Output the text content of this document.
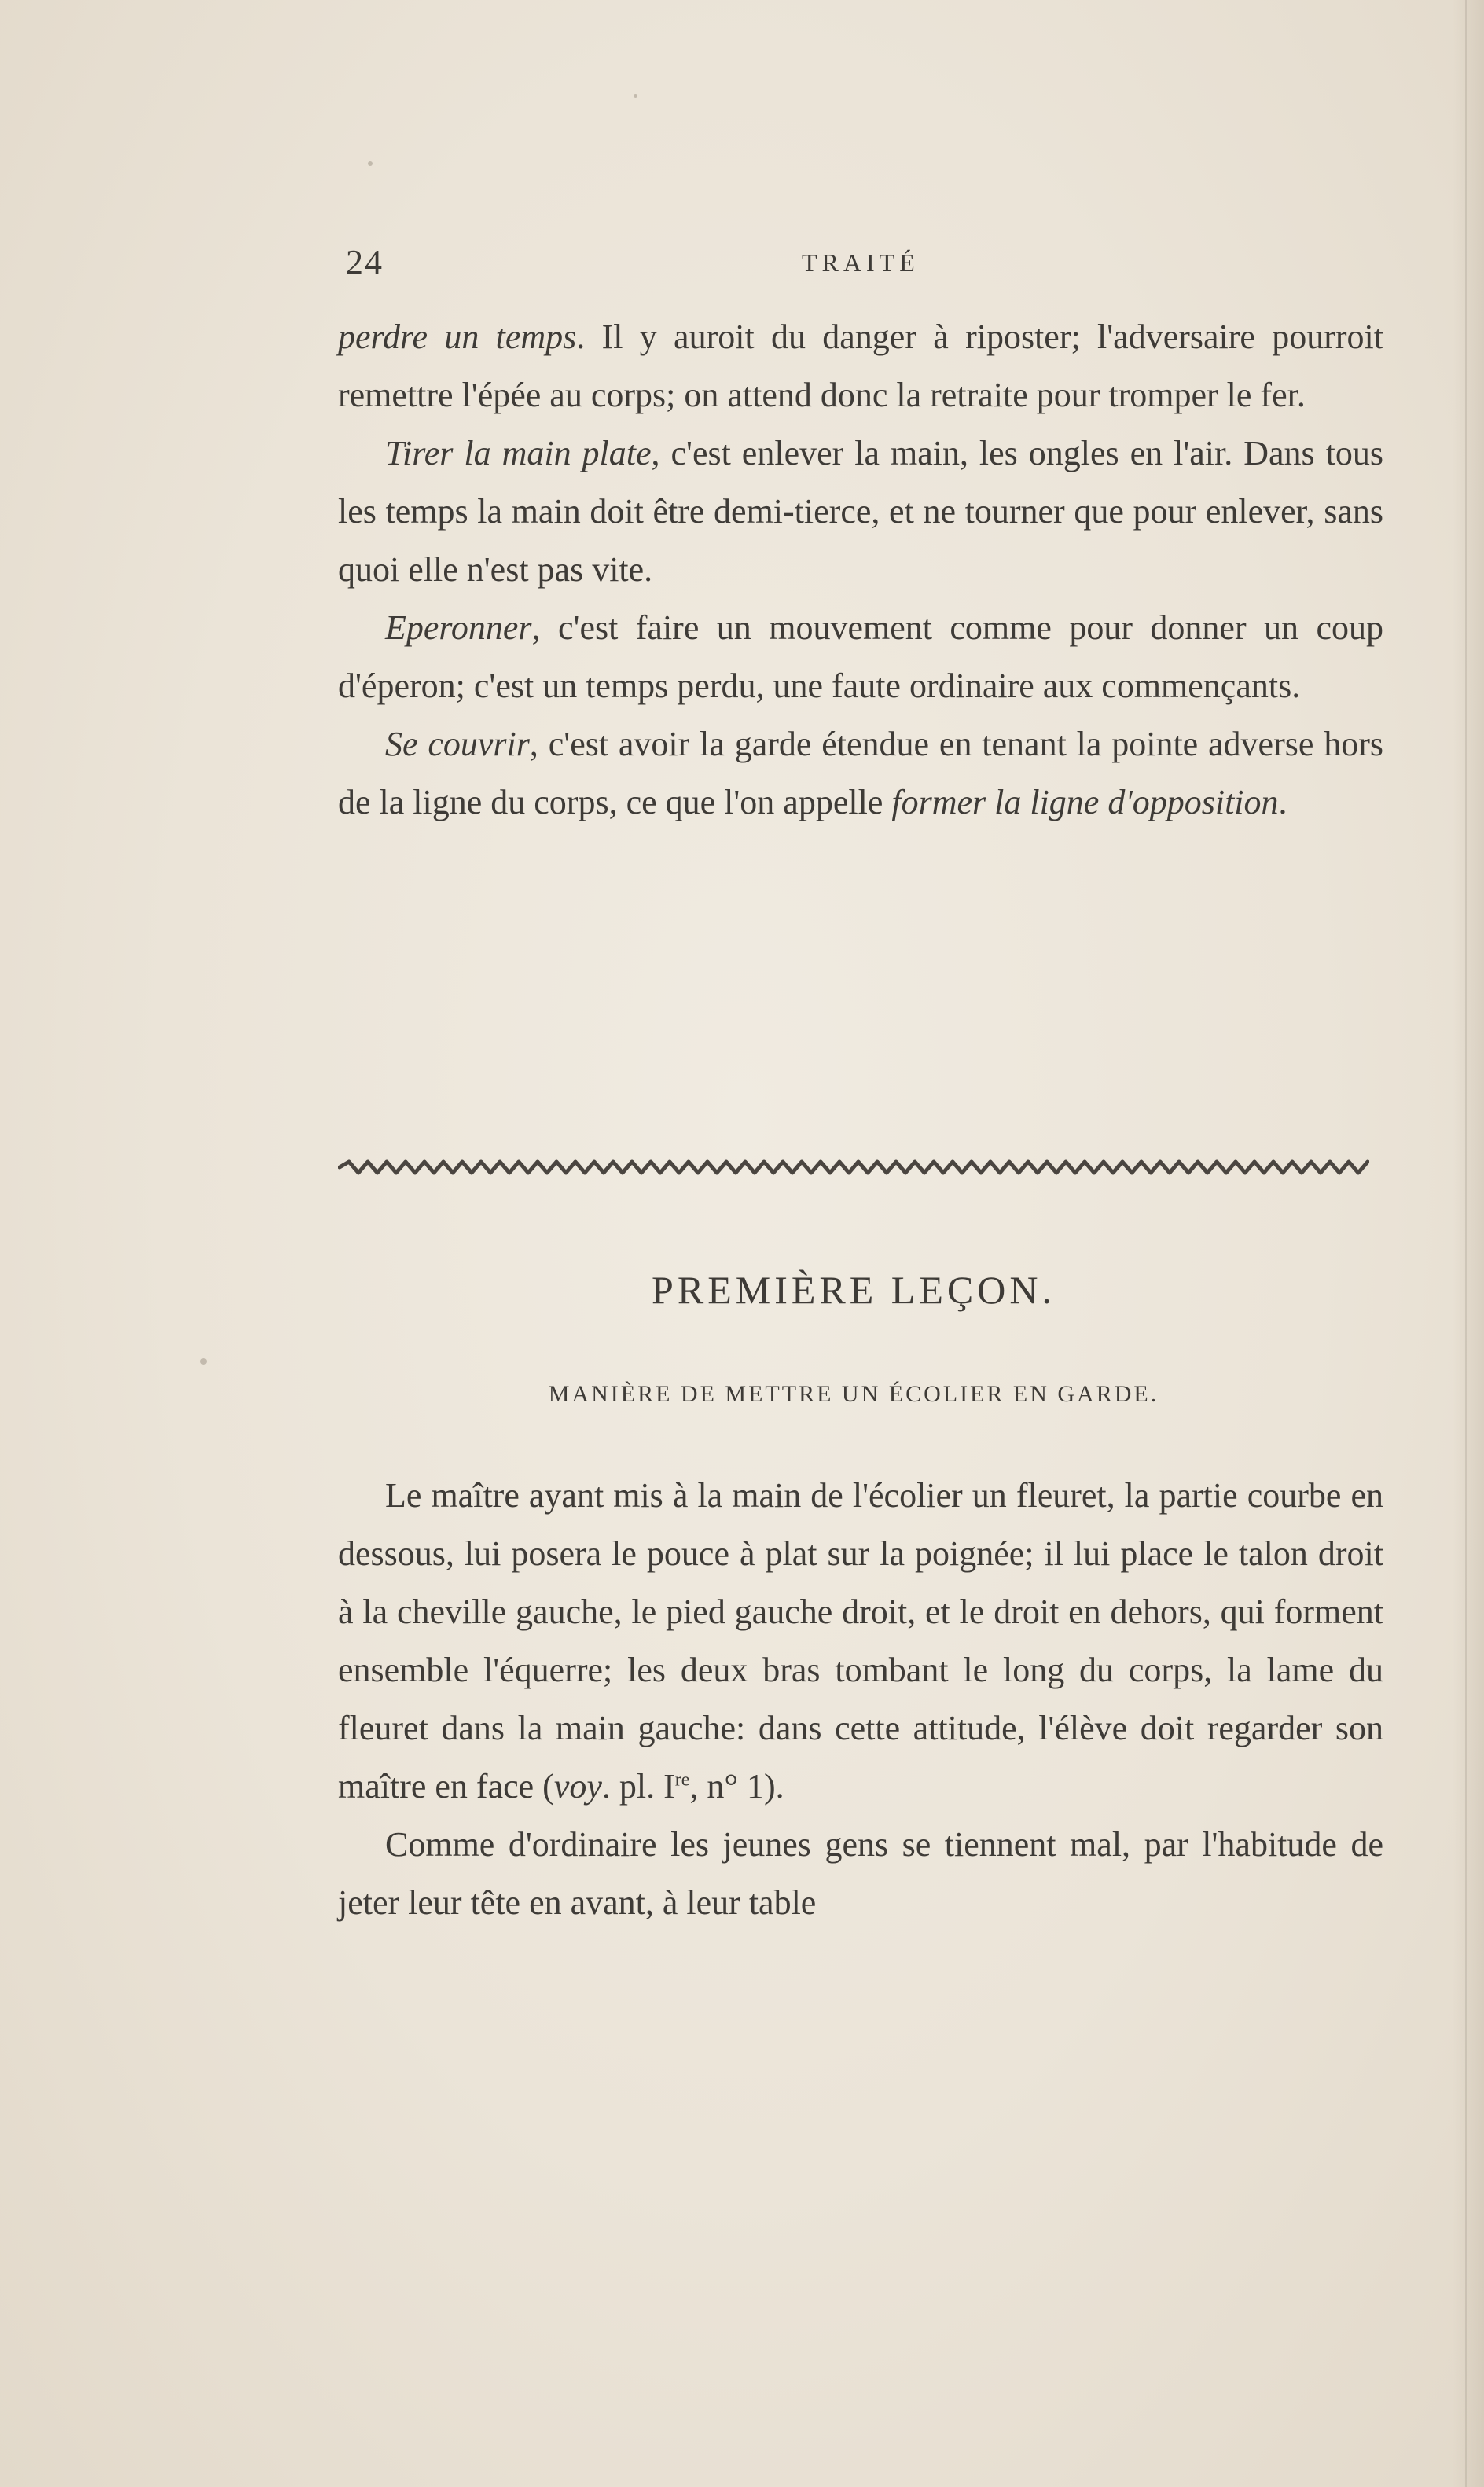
24	TRAITÉ

perdre un temps. Il y auroit du danger à riposter; l'adversaire pourroit remettre l'épée au corps; on attend donc la retraite pour tromper le fer.

Tirer la main plate, c'est enlever la main, les ongles en l'air. Dans tous les temps la main doit être demi-tierce, et ne tourner que pour enlever, sans quoi elle n'est pas vite.

Eperonner, c'est faire un mouvement comme pour donner un coup d'éperon; c'est un temps perdu, une faute ordinaire aux commençants.

Se couvrir, c'est avoir la garde étendue en tenant la pointe adverse hors de la ligne du corps, ce que l'on appelle former la ligne d'opposition.

PREMIÈRE LEÇON.
MANIÈRE DE METTRE UN ÉCOLIER EN GARDE.

Le maître ayant mis à la main de l'écolier un fleuret, la partie courbe en dessous, lui posera le pouce à plat sur la poignée; il lui place le talon droit à la cheville gauche, le pied gauche droit, et le droit en dehors, qui forment ensemble l'équerre; les deux bras tombant le long du corps, la lame du fleuret dans la main gauche: dans cette attitude, l'élève doit regarder son maître en face (voy. pl. Ire, n° 1).

Comme d'ordinaire les jeunes gens se tiennent mal, par l'habitude de jeter leur tête en avant, à leur table
